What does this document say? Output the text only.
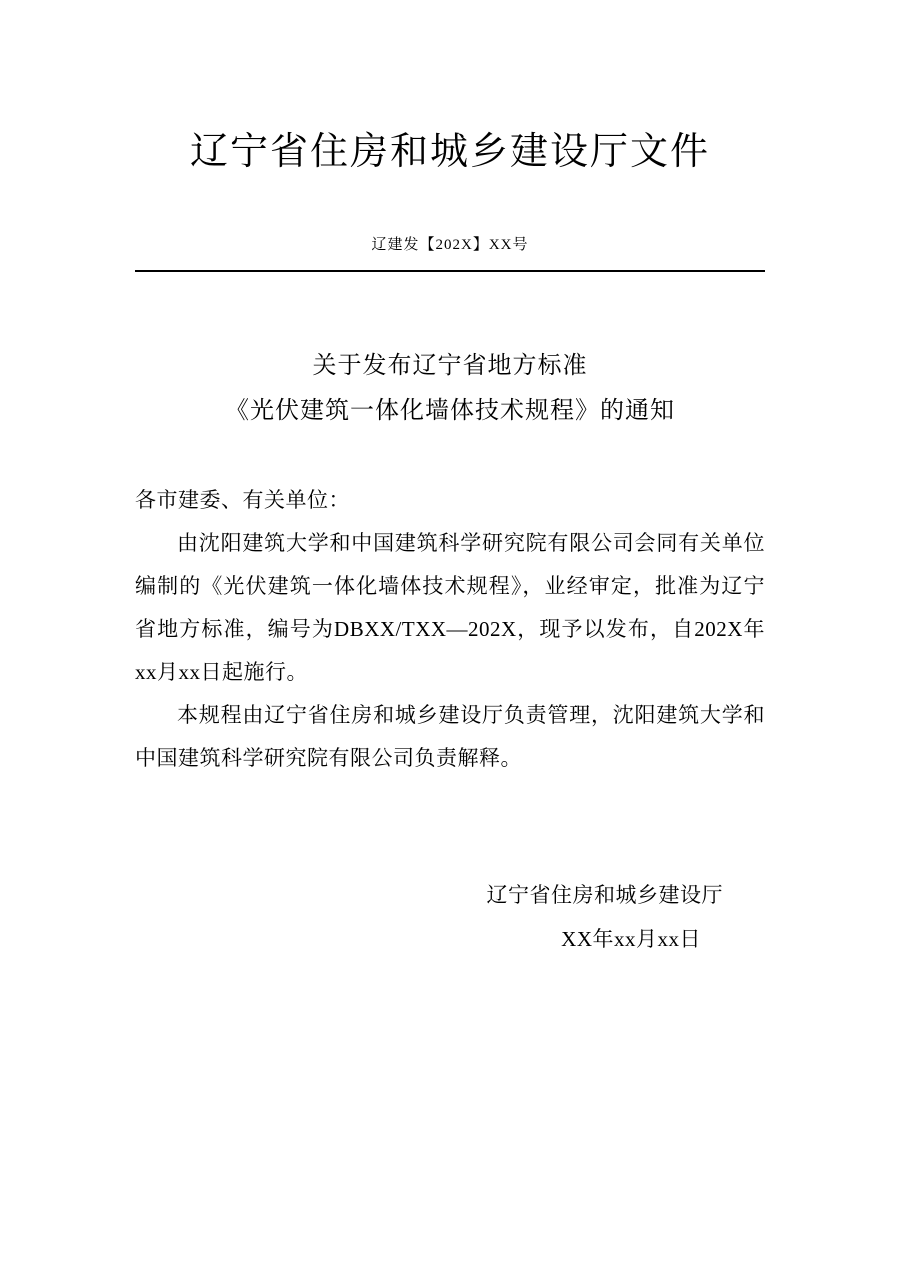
辽宁省住房和城乡建设厅文件
辽建发【202X】XX号
关于发布辽宁省地方标准
《光伏建筑一体化墙体技术规程》的通知

各市建委、有关单位：

由沈阳建筑大学和中国建筑科学研究院有限公司会同有关单位编制的《光伏建筑一体化墙体技术规程》，业经审定，批准为辽宁省地方标准，编号为DBXX/TXX—202X，现予以发布，自202X年xx月xx日起施行。

本规程由辽宁省住房和城乡建设厅负责管理，沈阳建筑大学和中国建筑科学研究院有限公司负责解释。

辽宁省住房和城乡建设厅
XX年xx月xx日
